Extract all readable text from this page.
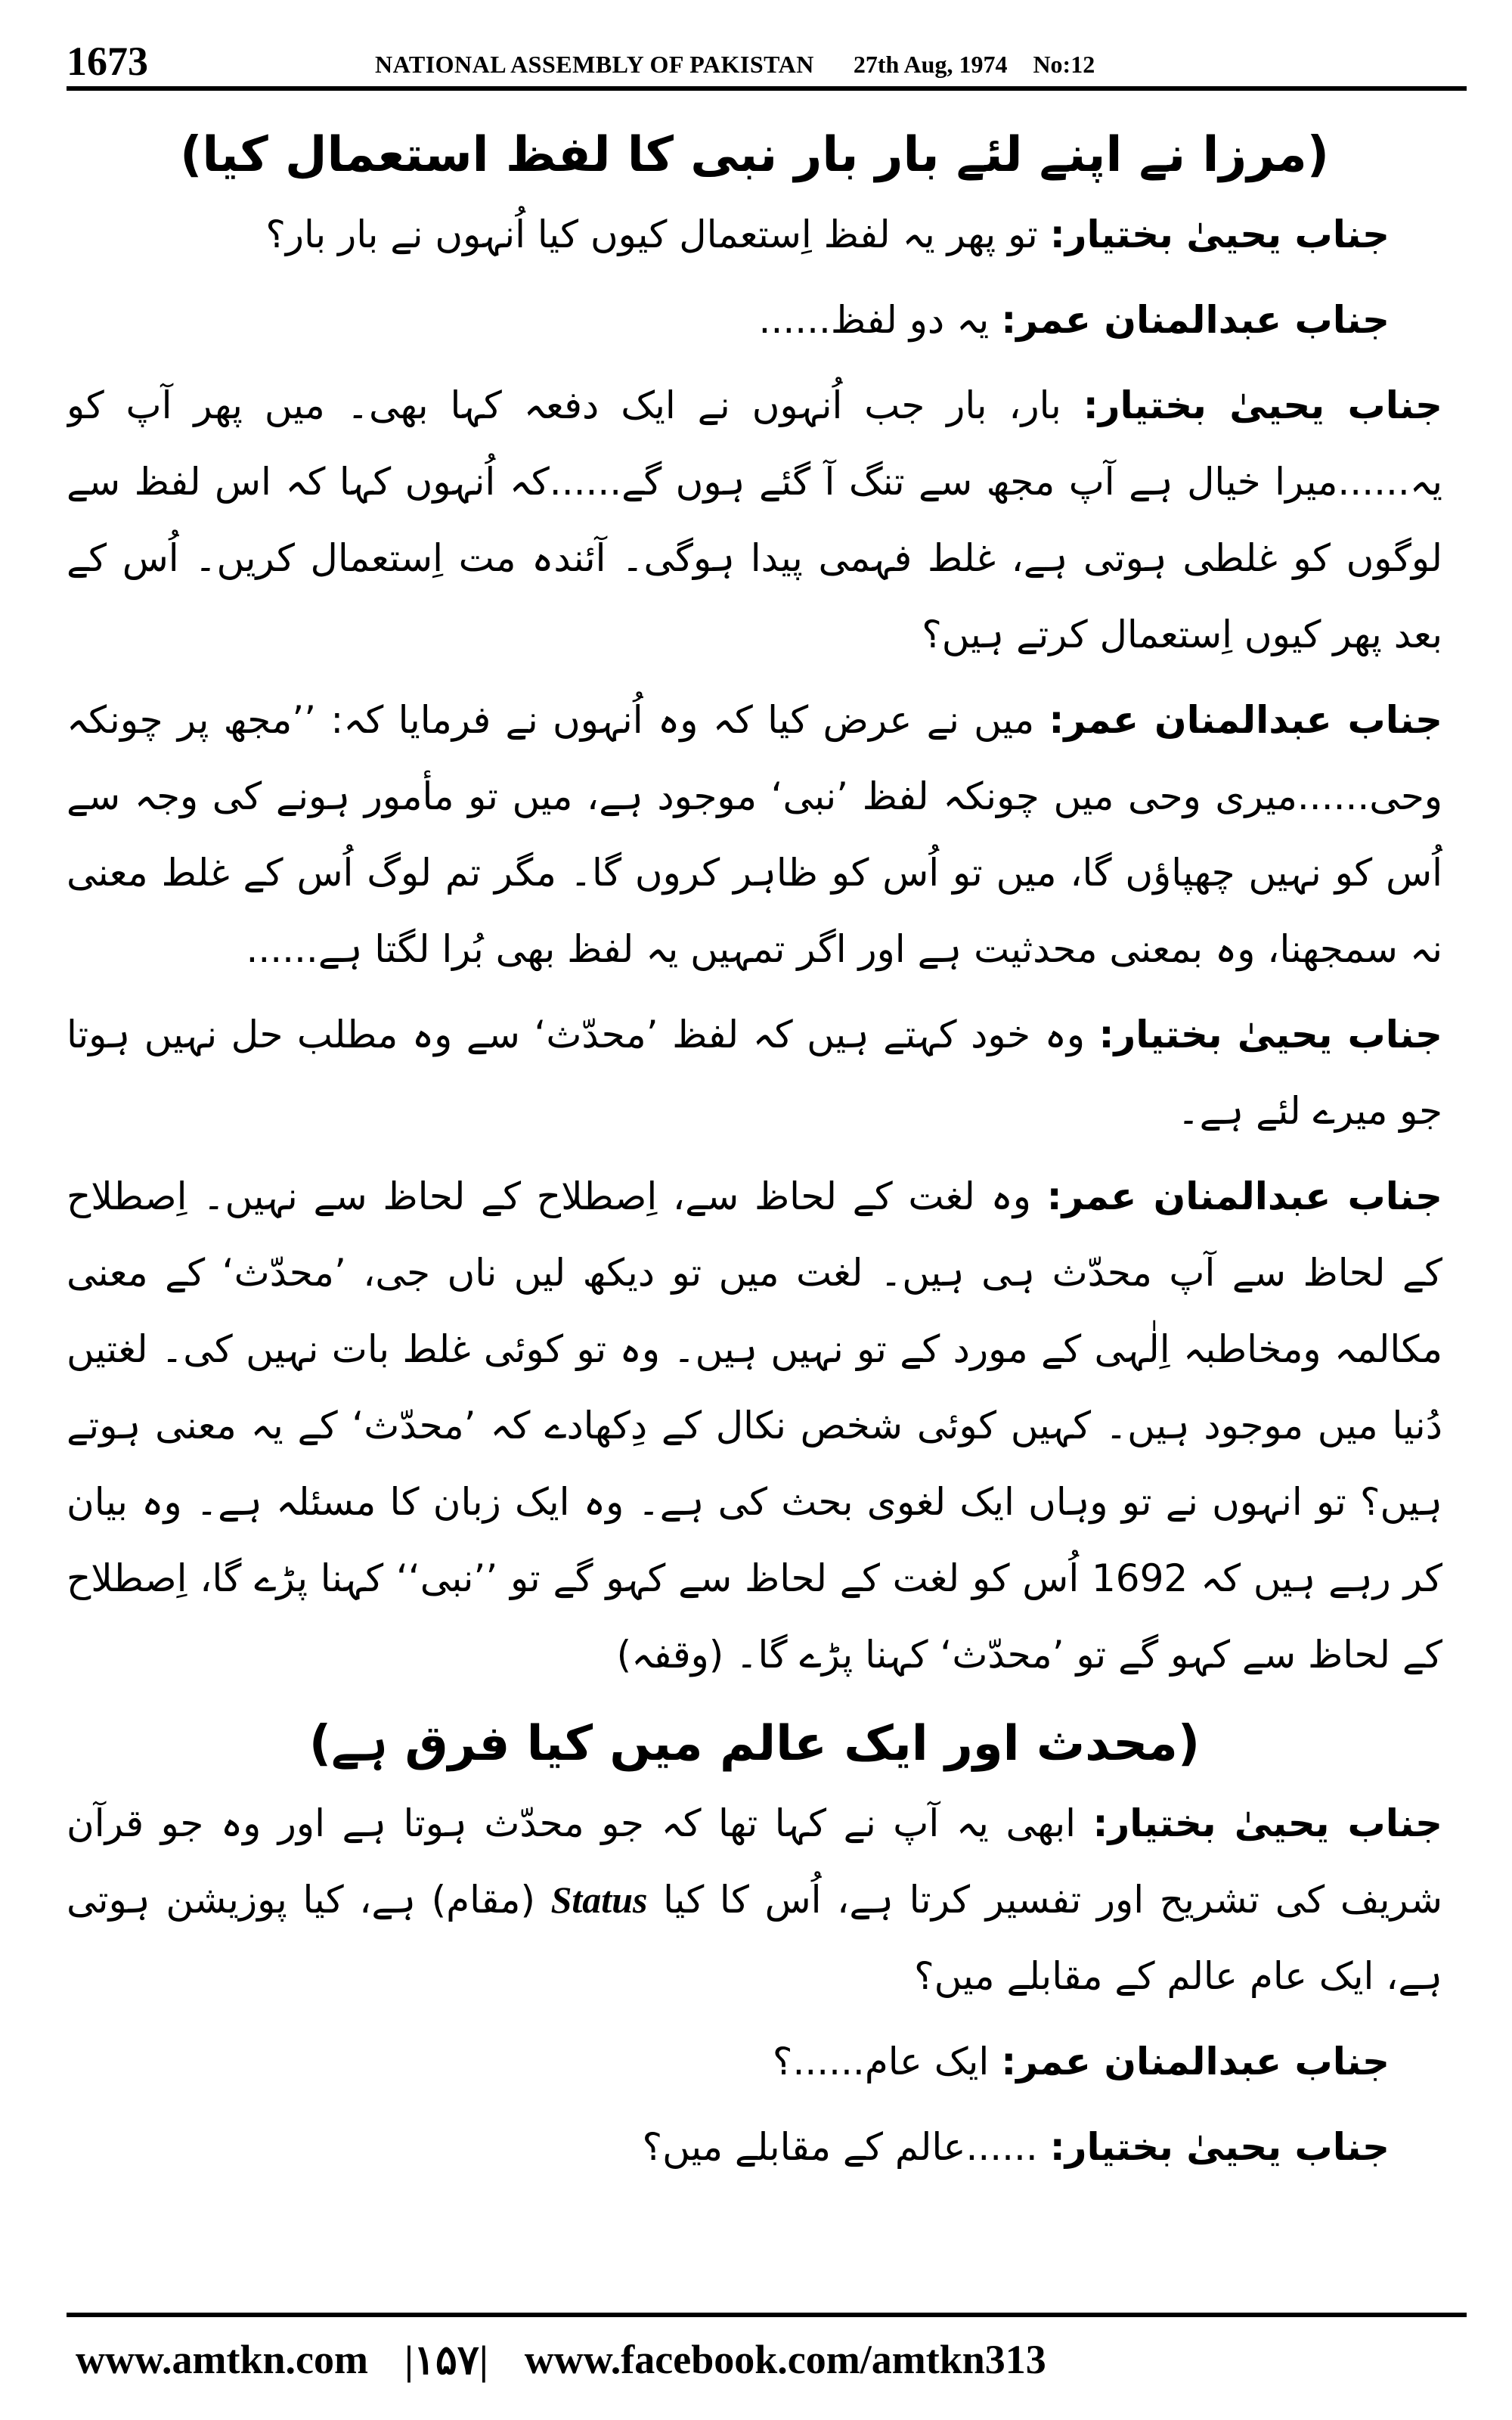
1673	NATIONAL ASSEMBLY OF PAKISTAN 27th Aug, 1974 No:12

(مرزا نے اپنے لئے بار بار نبی کا لفظ استعمال کیا)

جناب یحییٰ بختیار: تو پھر یہ لفظ اِستعمال کیوں کیا اُنہوں نے بار بار؟

جناب عبدالمنان عمر: یہ دو لفظ......

جناب یحییٰ بختیار: بار، بار جب اُنہوں نے ایک دفعہ کہا بھی۔ میں پھر آپ کو یہ......میرا خیال ہے آپ مجھ سے تنگ آ گئے ہوں گے......کہ اُنہوں کہا کہ اس لفظ سے لوگوں کو غلطی ہوتی ہے، غلط فہمی پیدا ہوگی۔ آئندہ مت اِستعمال کریں۔ اُس کے بعد پھر کیوں اِستعمال کرتے ہیں؟

جناب عبدالمنان عمر: میں نے عرض کیا کہ وہ اُنہوں نے فرمایا کہ: ’’مجھ پر چونکہ وحی......میری وحی میں چونکہ لفظ ’نبی‘ موجود ہے، میں تو مأمور ہونے کی وجہ سے اُس کو نہیں چھپاؤں گا، میں تو اُس کو ظاہر کروں گا۔ مگر تم لوگ اُس کے غلط معنی نہ سمجھنا، وہ بمعنی محدثیت ہے اور اگر تمہیں یہ لفظ بھی بُرا لگتا ہے......

جناب یحییٰ بختیار: وہ خود کہتے ہیں کہ لفظ ’محدّث‘ سے وہ مطلب حل نہیں ہوتا جو میرے لئے ہے۔

جناب عبدالمنان عمر: وہ لغت کے لحاظ سے، اِصطلاح کے لحاظ سے نہیں۔ اِصطلاح کے لحاظ سے آپ محدّث ہی ہیں۔ لغت میں تو دیکھ لیں ناں جی، ’محدّث‘ کے معنی مکالمہ ومخاطبہ اِلٰہی کے مورد کے تو نہیں ہیں۔ وہ تو کوئی غلط بات نہیں کی۔ لغتیں دُنیا میں موجود ہیں۔ کہیں کوئی شخص نکال کے دِکھادے کہ ’محدّث‘ کے یہ معنی ہوتے ہیں؟ تو انہوں نے تو وہاں ایک لغوی بحث کی ہے۔ وہ ایک زبان کا مسئلہ ہے۔ وہ بیان کر رہے ہیں کہ 1692 اُس کو لغت کے لحاظ سے کہو گے تو ’’نبی‘‘ کہنا پڑے گا، اِصطلاح کے لحاظ سے کہو گے تو ’محدّث‘ کہنا پڑے گا۔ (وقفہ)

(محدث اور ایک عالم میں کیا فرق ہے)

جناب یحییٰ بختیار: ابھی یہ آپ نے کہا تھا کہ جو محدّث ہوتا ہے اور وہ جو قرآن شریف کی تشریح اور تفسیر کرتا ہے، اُس کا کیا Status (مقام) ہے، کیا پوزیشن ہوتی ہے، ایک عام عالم کے مقابلے میں؟

جناب عبدالمنان عمر: ایک عام......؟

جناب یحییٰ بختیار: ......عالم کے مقابلے میں؟

www.amtkn.com |۱۵۷| www.facebook.com/amtkn313
